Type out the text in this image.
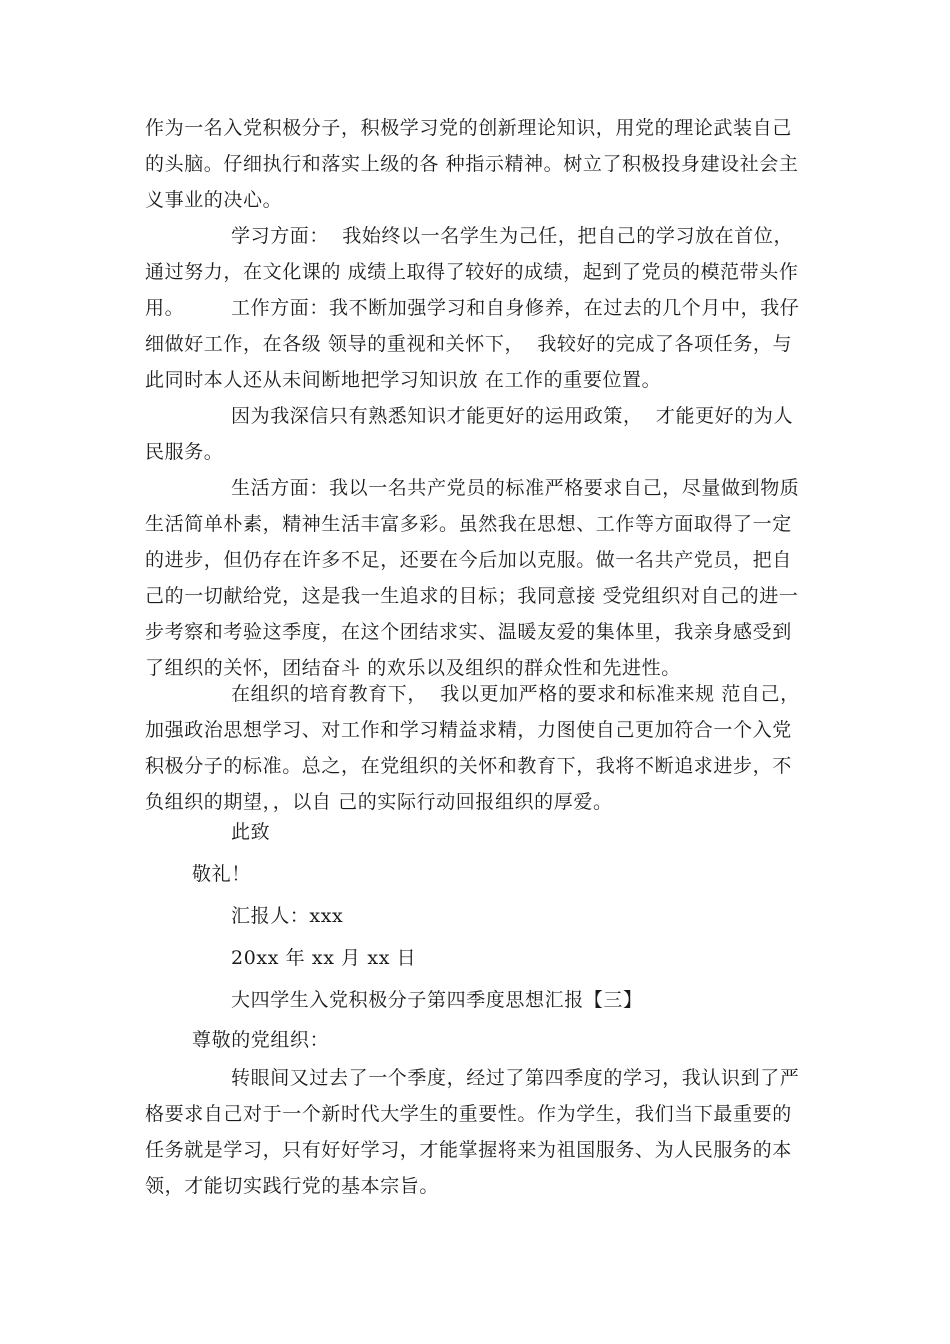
作为一名入党积极分子，积极学习党的创新理论知识，用党的理论武装自己的头脑。仔细执行和落实上级的各 种指示精神。树立了积极投身建设社会主义事业的决心。

学习方面：  我始终以一名学生为己任，把自己的学习放在首位，通过努力，在文化课的 成绩上取得了较好的成绩，起到了党员的模范带头作用。	工作方面：我不断加强学习和自身修养，在过去的几个月中，我仔细做好工作，在各级 领导的重视和关怀下，  我较好的完成了各项任务，与此同时本人还从未间断地把学习知识放 在工作的重要位置。

因为我深信只有熟悉知识才能更好的运用政策，  才能更好的为人民服务。

生活方面：我以一名共产党员的标准严格要求自己，尽量做到物质生活简单朴素，精神生活丰富多彩。虽然我在思想、工作等方面取得了一定的进步，但仍存在许多不足，还要在今后加以克服。做一名共产党员，把自己的一切献给党，这是我一生追求的目标；我同意接 受党组织对自己的进一步考察和考验这季度，在这个团结求实、温暖友爱的集体里，我亲身感受到了组织的关怀，团结奋斗 的欢乐以及组织的群众性和先进性。

在组织的培育教育下，  我以更加严格的要求和标准来规 范自己，加强政治思想学习、对工作和学习精益求精，力图使自己更加符合一个入党积极分子的标准。总之，在党组织的关怀和教育下，我将不断追求进步，不负组织的期望，，以自 己的实际行动回报组织的厚爱。

此致

敬礼！

汇报人：xxx

20xx 年 xx 月 xx 日

大四学生入党积极分子第四季度思想汇报【三】

尊敬的党组织：

转眼间又过去了一个季度，经过了第四季度的学习，我认识到了严格要求自己对于一个新时代大学生的重要性。作为学生，我们当下最重要的任务就是学习，只有好好学习，才能掌握将来为祖国服务、为人民服务的本领，才能切实践行党的基本宗旨。
